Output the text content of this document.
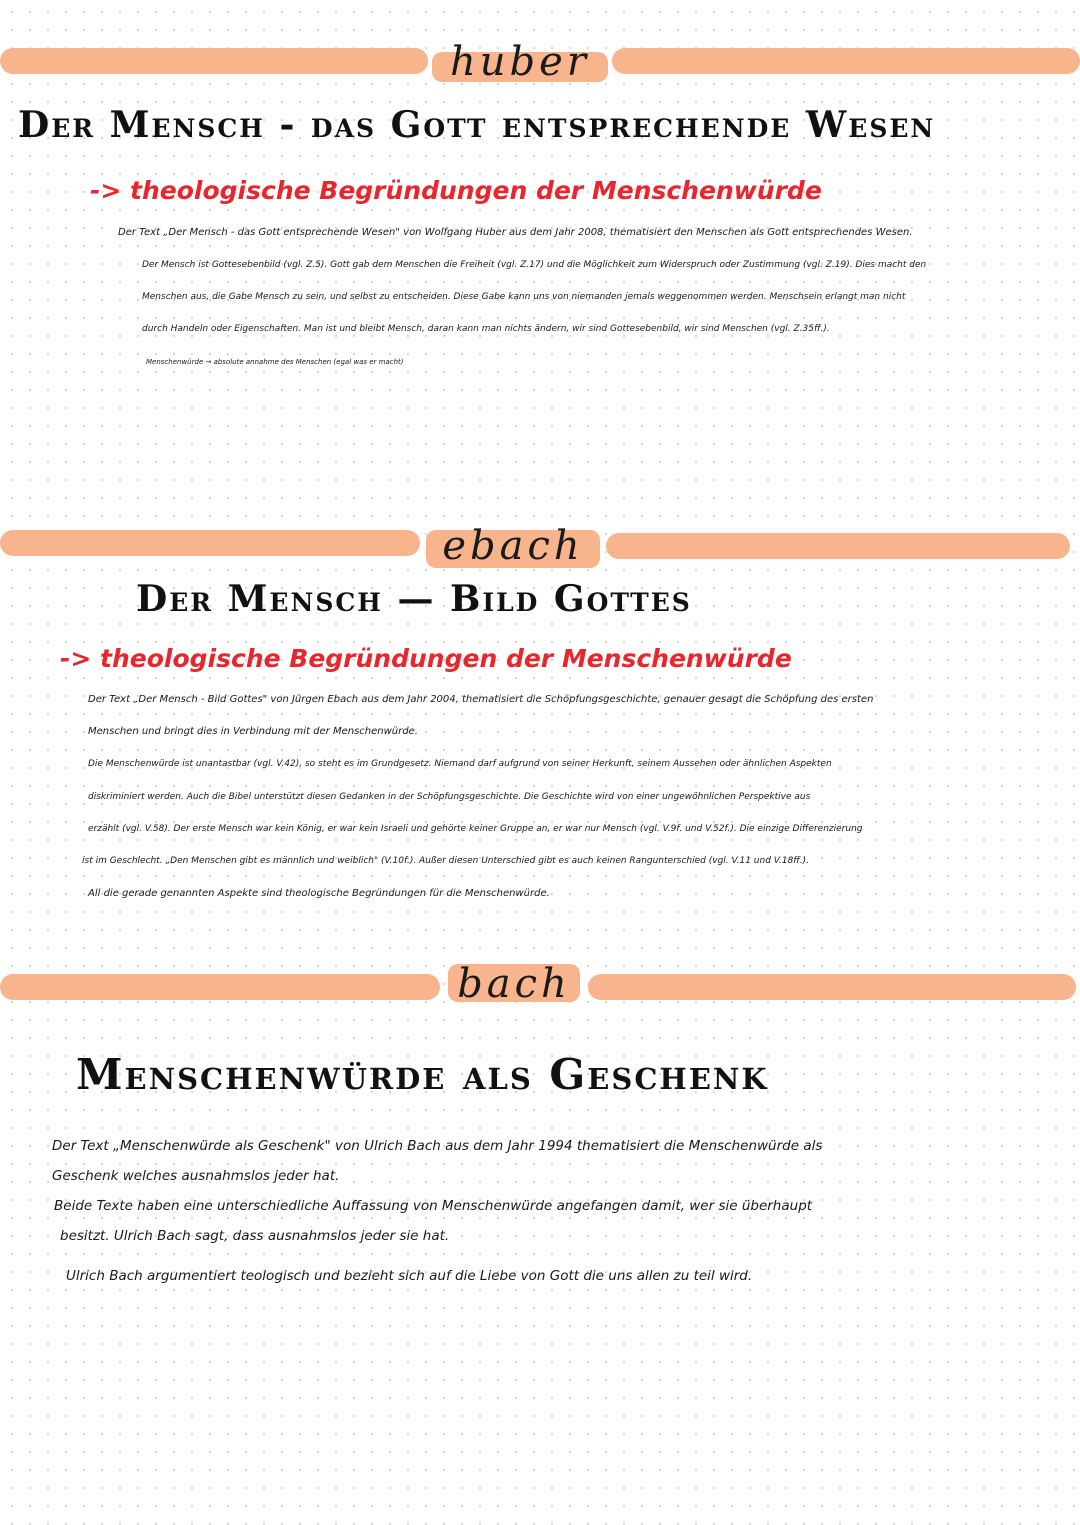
huber
Der Mensch - das Gott entsprechende Wesen
-> theologische Begründungen der Menschenwürde
Der Text „Der Mensch - das Gott entsprechende Wesen" von Wolfgang Huber aus dem Jahr 2008, thematisiert den Menschen als Gott entsprechendes Wesen.
Der Mensch ist Gottesebenbild (vgl. Z.5). Gott gab dem Menschen die Freiheit (vgl. Z.17) und die Möglichkeit zum Widerspruch oder Zustimmung (vgl. Z.19). Dies macht den
Menschen aus, die Gabe Mensch zu sein, und selbst zu entscheiden. Diese Gabe kann uns von niemanden jemals weggenommen werden. Menschsein erlangt man nicht
durch Handeln oder Eigenschaften. Man ist und bleibt Mensch, daran kann man nichts ändern, wir sind Gottesebenbild, wir sind Menschen (vgl. Z.35ff.).
Menschenwürde → absolute annahme des Menschen (egal was er macht)
ebach
Der Mensch — Bild Gottes
-> theologische Begründungen der Menschenwürde
Der Text „Der Mensch - Bild Gottes" von Jürgen Ebach aus dem Jahr 2004, thematisiert die Schöpfungsgeschichte, genauer gesagt die Schöpfung des ersten
Menschen und bringt dies in Verbindung mit der Menschenwürde.
Die Menschenwürde ist unantastbar (vgl. V.42), so steht es im Grundgesetz. Niemand darf aufgrund von seiner Herkunft, seinem Aussehen oder ähnlichen Aspekten
diskriminiert werden. Auch die Bibel unterstützt diesen Gedanken in der Schöpfungsgeschichte. Die Geschichte wird von einer ungewöhnlichen Perspektive aus
erzählt (vgl. V.58). Der erste Mensch war kein König, er war kein Israeli und gehörte keiner Gruppe an, er war nur Mensch (vgl. V.9f. und V.52f.). Die einzige Differenzierung
ist im Geschlecht. „Den Menschen gibt es männlich und weiblich" (V.10f.). Außer diesen Unterschied gibt es auch keinen Rangunterschied (vgl. V.11 und V.18ff.).
All die gerade genannten Aspekte sind theologische Begründungen für die Menschenwürde.
bach
Menschenwürde als Geschenk
Der Text „Menschenwürde als Geschenk" von Ulrich Bach aus dem Jahr 1994 thematisiert die Menschenwürde als
Geschenk welches ausnahmslos jeder hat.
Beide Texte haben eine unterschiedliche Auffassung von Menschenwürde angefangen damit, wer sie überhaupt
besitzt. Ulrich Bach sagt, dass ausnahmslos jeder sie hat.
Ulrich Bach argumentiert teologisch und bezieht sich auf die Liebe von Gott die uns allen zu teil wird.
